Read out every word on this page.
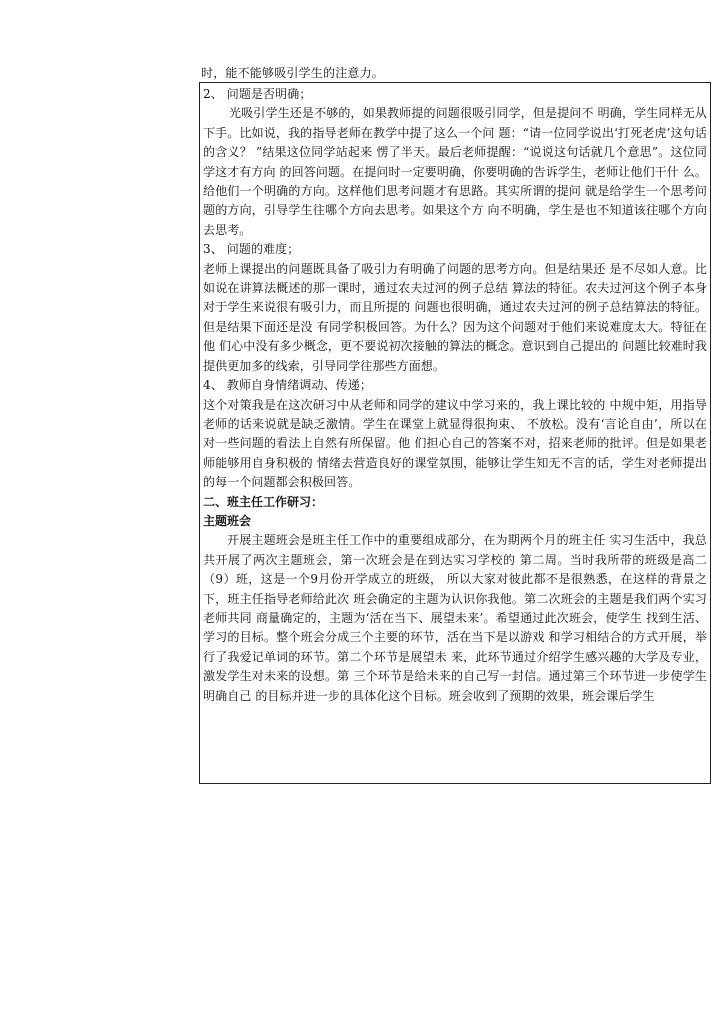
时，能不能够吸引学生的注意力。

2、 问题是否明确；

光吸引学生还是不够的，如果教师提的问题很吸引同学，但是提问不 明确，学生同样无从下手。比如说，我的指导老师在教学中提了这么一个问 题：“请一位同学说出‘打死老虎’这句话的含义？ ”结果这位同学站起来 愣了半天。最后老师提醒：“说说这句话就几个意思”。这位同学这才有方向 的回答问题。在提问时一定要明确，你要明确的告诉学生，老师让他们干什 么。给他们一个明确的方向。这样他们思考问题才有思路。其实所谓的提问 就是给学生一个思考问题的方向，引导学生往哪个方向去思考。如果这个方 向不明确，学生是也不知道该往哪个方向去思考。

3、 问题的难度；

老师上课提出的问题既具备了吸引力有明确了问题的思考方向。但是结果还 是不尽如人意。比如说在讲算法概述的那一课时，通过农夫过河的例子总结 算法的特征。农夫过河这个例子本身对于学生来说很有吸引力，而且所提的 问题也很明确，通过农夫过河的例子总结算法的特征。但是结果下面还是没 有同学积极回答。为什么？因为这个问题对于他们来说难度太大。特征在他 们心中没有多少概念，更不要说初次接触的算法的概念。意识到自己提出的 问题比较难时我提供更加多的线索，引导同学往那些方面想。

4、 教师自身情绪调动、传递；

这个对策我是在这次研习中从老师和同学的建议中学习来的，我上课比较的 中规中矩，用指导老师的话来说就是缺乏激情。学生在课堂上就显得很拘束、 不放松。没有‘言论自由’，所以在对一些问题的看法上自然有所保留。他 们担心自己的答案不对，招来老师的批评。但是如果老师能够用自身积极的 情绪去营造良好的课堂氛围，能够让学生知无不言的话，学生对老师提出 的每一个问题都会积极回答。

二、班主任工作研习：

主题班会

开展主题班会是班主任工作中的重要组成部分，在为期两个月的班主任 实习生活中，我总共开展了两次主题班会，第一次班会是在到达实习学校的 第二周。当时我所带的班级是高二（9）班，这是一个9月份开学成立的班级， 所以大家对彼此都不是很熟悉，在这样的背景之下，班主任指导老师给此次 班会确定的主题为认识你我他。第二次班会的主题是我们两个实习老师共同 商量确定的，主题为‘活在当下、展望未来’。希望通过此次班会，使学生 找到生活、学习的目标。整个班会分成三个主要的环节，活在当下是以游戏 和学习相结合的方式开展，举行了我爱记单词的环节。第二个环节是展望未 来，此环节通过介绍学生感兴趣的大学及专业，激发学生对未来的设想。第 三个环节是给未来的自己写一封信。通过第三个环节进一步使学生明确自己 的目标并进一步的具体化这个目标。班会收到了预期的效果，班会课后学生
